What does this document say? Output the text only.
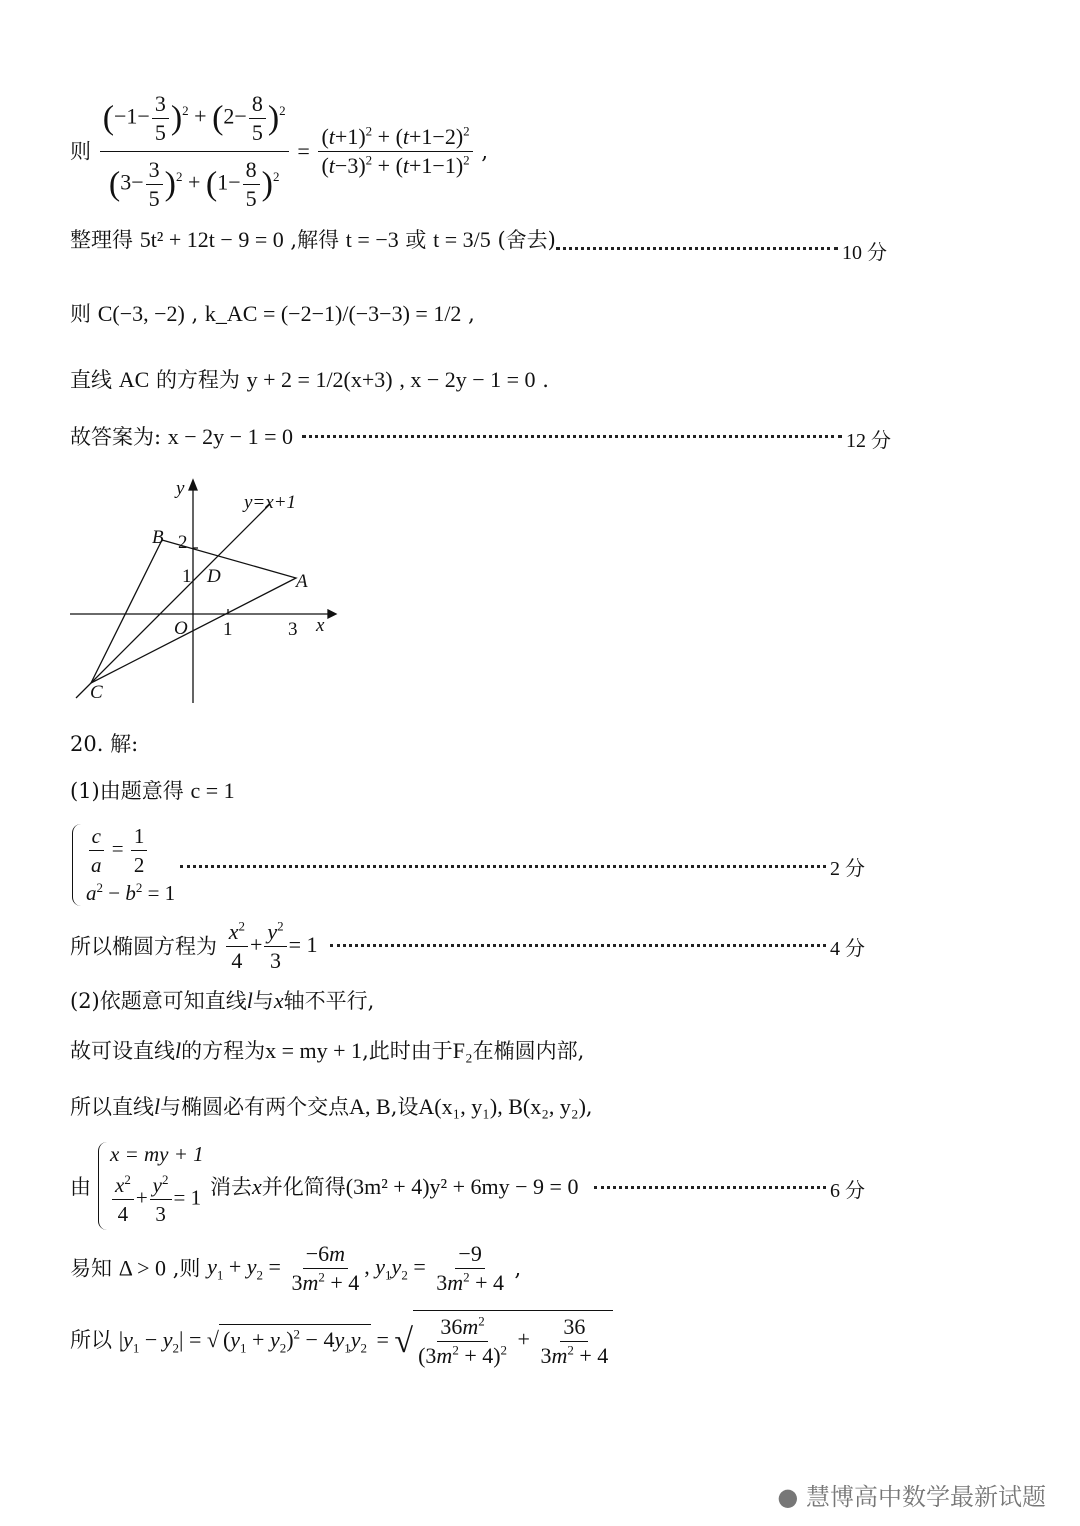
则 $\frac{(-1- \frac{3}{5} )^2 + (2- \frac{8}{5} )^2}{(3- \frac{3}{5} )^2 + (1- \frac{8}{5} )^2} = \frac{(t+1)^2 + (t+1-2)^2}{(t-3)^2 + (t+1-1)^2}$ ,
整理得 5t² + 12t − 9 = 0 ,解得 t = −3 或 t = 3/5 (舍去)
10 分
则 C(−3, −2) , k_AC = (−2−1)/(−3−3) = 1/2 ,
直线 AC 的方程为 y + 2 = 1/2(x+3) , x − 2y − 1 = 0 .
故答案为: x − 2y − 1 = 0	12 分
y
y=x+1
B 2
1 D	A
O 1	3 x
C
20. 解:
(1)由题意得 c = 1
$\frac{c}{a} = \frac{1}{2}$
$a^2 - b^2 = 1$
2 分
所以椭圆方程为 $\frac{x^2}{4} + \frac{y^2}{3} = 1$	4 分
(2)依题意可知直线l与x轴不平行,
故可设直线l的方程为x = my + 1,此时由于F₂在椭圆内部,
所以直线l与椭圆必有两个交点A, B,设A(x₁, y₁), B(x₂, y₂),
由
x = my + 1
$\frac{x^2}{4} + \frac{y^2}{3} = 1$ 消去x并化简得(3m² + 4)y² + 6my − 9 = 0	6 分
易知 Δ > 0 ,则 $y_1 + y_2 = \frac{-6m}{3m^2 + 4}$ , $y_1y_2 = \frac{-9}{3m^2 + 4}$ ,
所以 $|y_1 - y_2|$ = √ $(y_1 + y_2)^2 - 4y_1y_2$ = √ $\frac{36m^2}{(3m^2 + 4)^2} + \frac{36}{3m^2 + 4}$
● 慧博高中数学最新试题
